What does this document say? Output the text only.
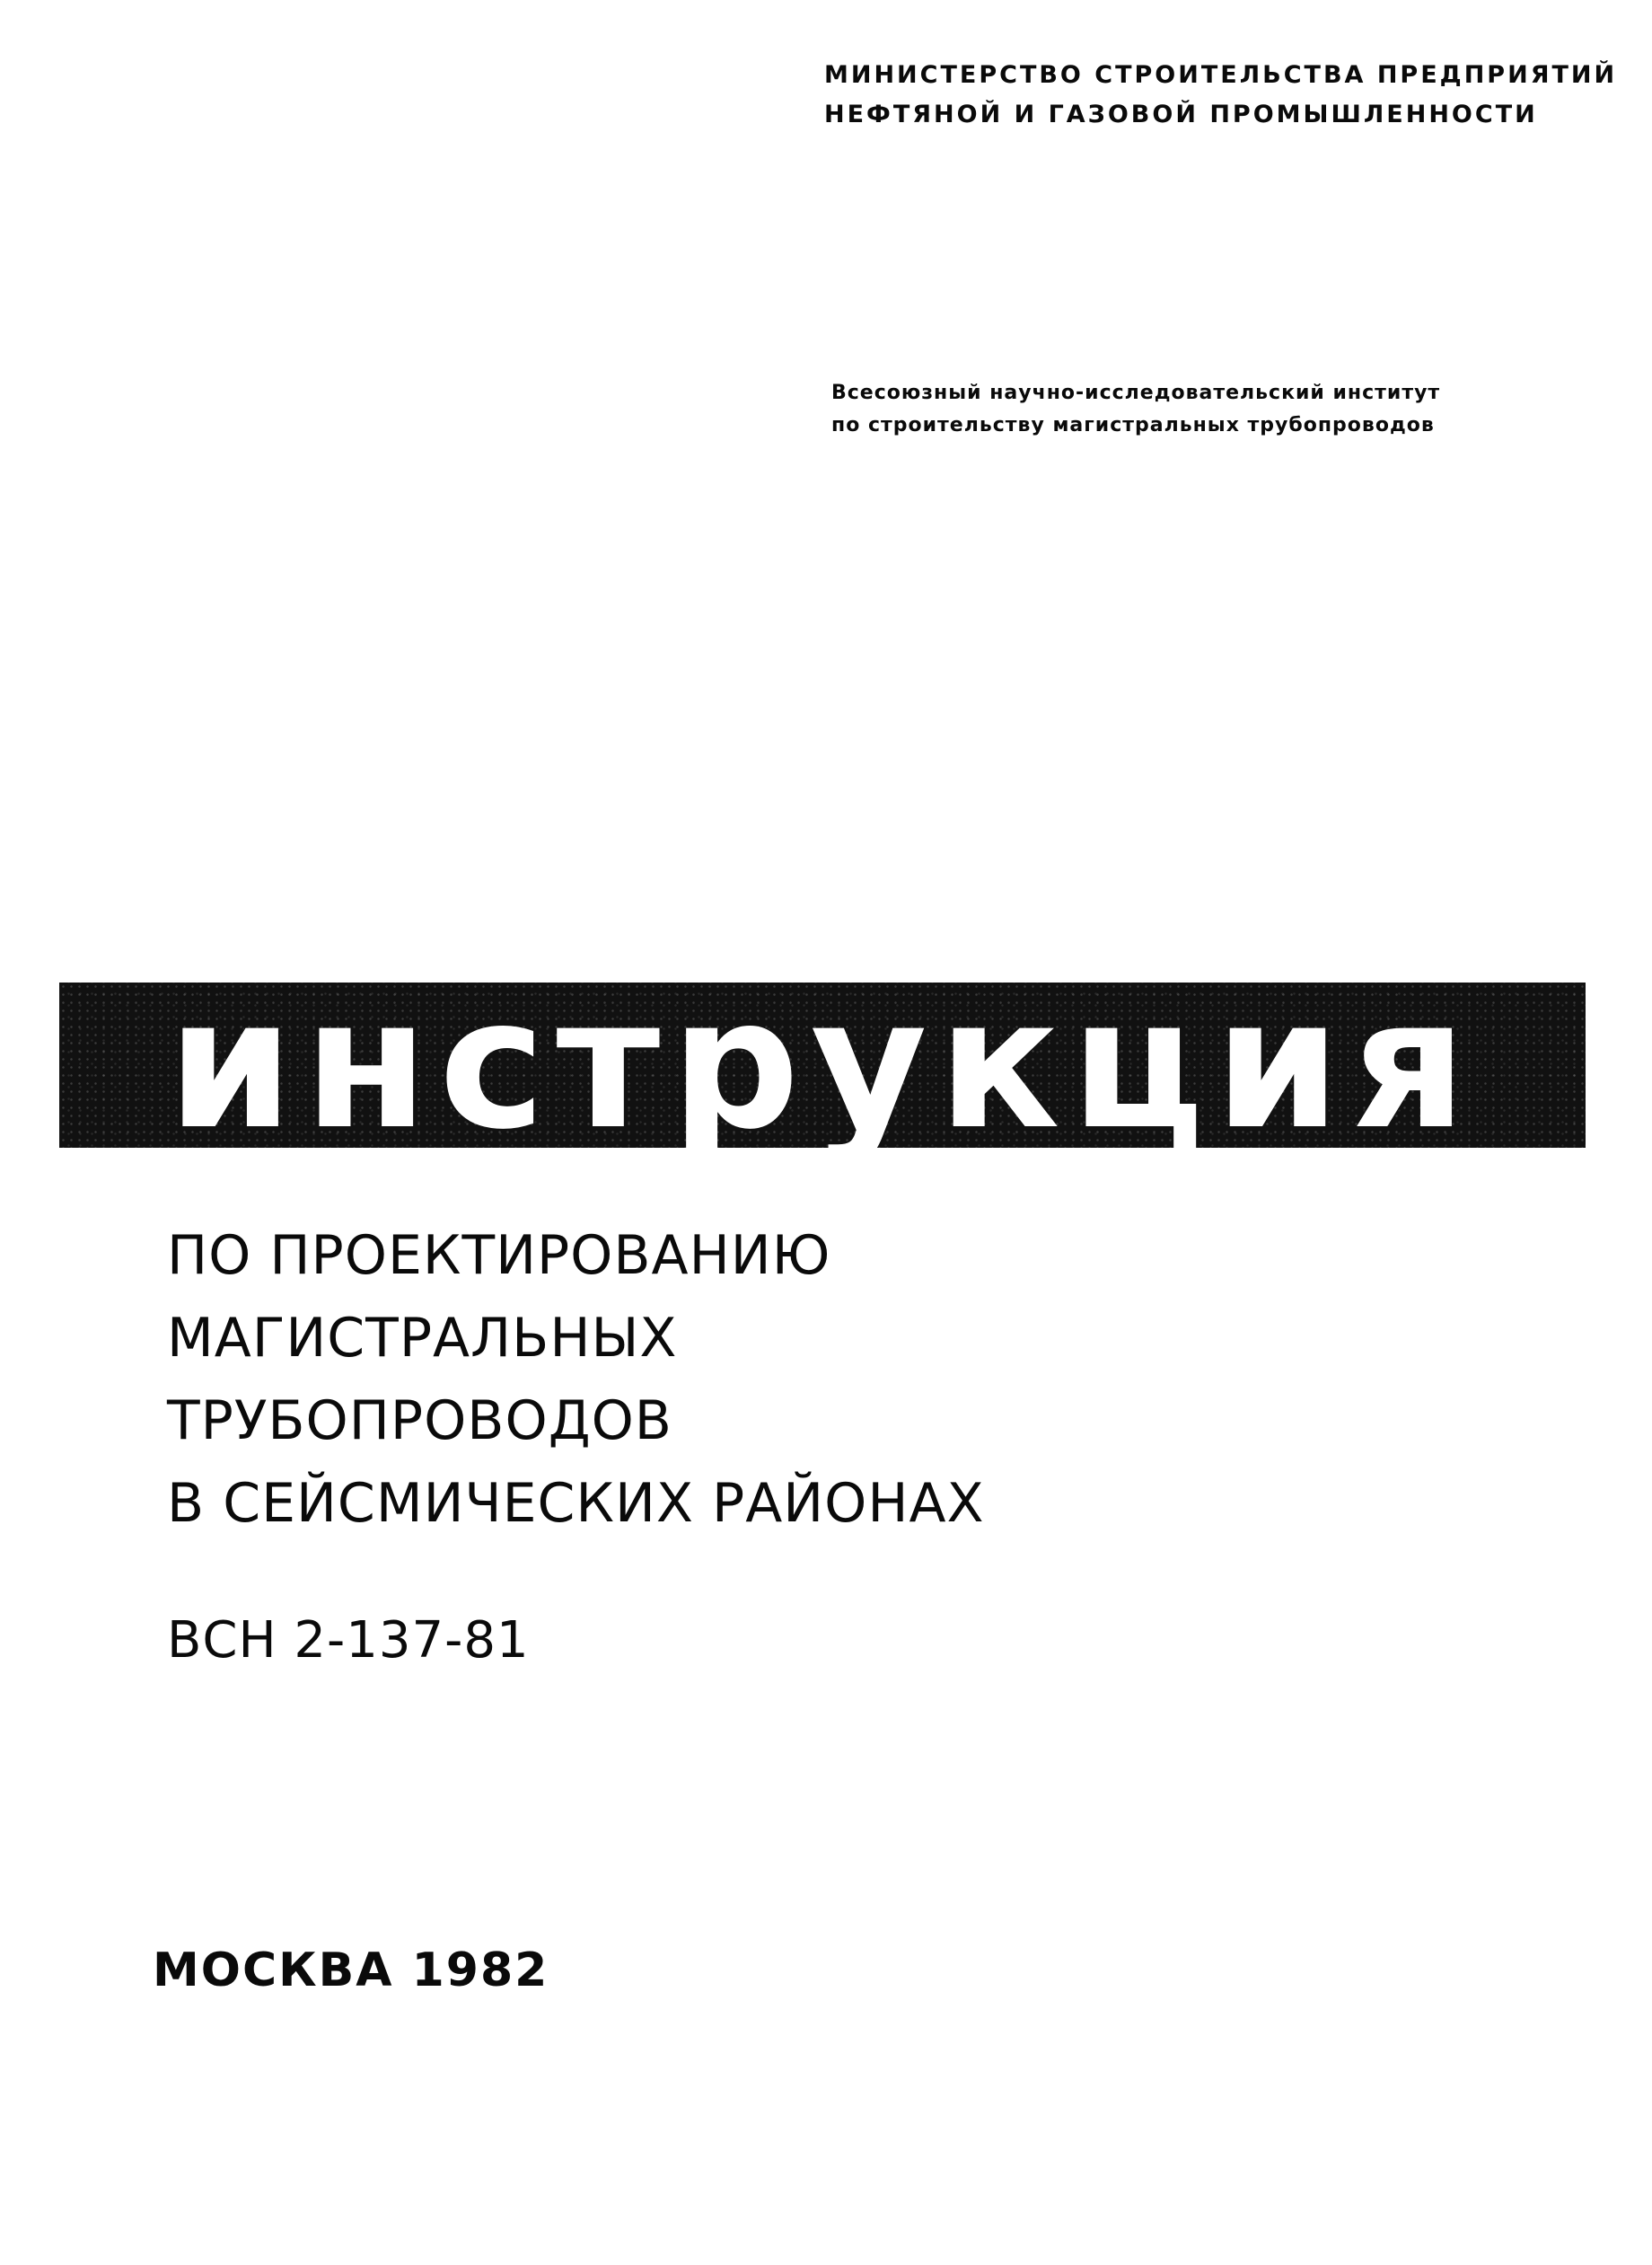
МИНИСТЕРСТВО СТРОИТЕЛЬСТВА ПРЕДПРИЯТИЙ
НЕФТЯНОЙ И ГАЗОВОЙ ПРОМЫШЛЕННОСТИ
Всесоюзный научно-исследовательский институт
по строительству магистральных трубопроводов
инструкция
ПО ПРОЕКТИРОВАНИЮ
МАГИСТРАЛЬНЫХ
ТРУБОПРОВОДОВ
В СЕЙСМИЧЕСКИХ РАЙОНАХ
ВСН 2-137-81
МОСКВА 1982
